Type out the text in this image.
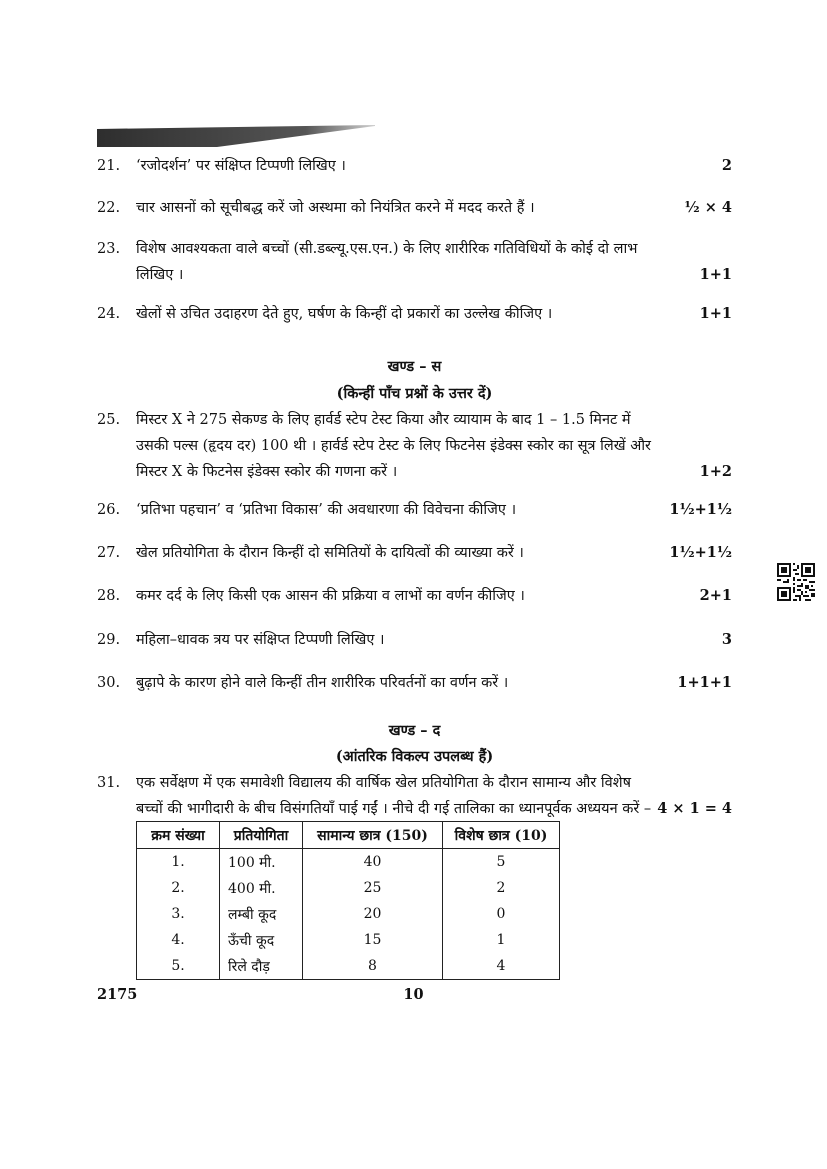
21.	‘रजोदर्शन’ पर संक्षिप्त टिप्पणी लिखिए ।	2
22.	चार आसनों को सूचीबद्ध करें जो अस्थमा को नियंत्रित करने में मदद करते हैं ।	½ × 4
23.	विशेष आवश्यकता वाले बच्चों (सी.डब्ल्यू.एस.एन.) के लिए शारीरिक गतिविधियों के कोई दो लाभ लिखिए ।	1+1
24.	खेलों से उचित उदाहरण देते हुए, घर्षण के किन्हीं दो प्रकारों का उल्लेख कीजिए ।	1+1
खण्ड – स
(किन्हीं पाँच प्रश्नों के उत्तर दें)
25.	मिस्टर X ने 275 सेकण्ड के लिए हार्वर्ड स्टेप टेस्ट किया और व्यायाम के बाद 1 – 1.5 मिनट में उसकी पल्स (हृदय दर) 100 थी । हार्वर्ड स्टेप टेस्ट के लिए फिटनेस इंडेक्स स्कोर का सूत्र लिखें और मिस्टर X के फिटनेस इंडेक्स स्कोर की गणना करें ।	1+2
26.	‘प्रतिभा पहचान’ व ‘प्रतिभा विकास’ की अवधारणा की विवेचना कीजिए ।	1½+1½
27.	खेल प्रतियोगिता के दौरान किन्हीं दो समितियों के दायित्वों की व्याख्या करें ।	1½+1½
28.	कमर दर्द के लिए किसी एक आसन की प्रक्रिया व लाभों का वर्णन कीजिए ।	2+1
29.	महिला–धावक त्रय पर संक्षिप्त टिप्पणी लिखिए ।	3
30.	बुढ़ापे के कारण होने वाले किन्हीं तीन शारीरिक परिवर्तनों का वर्णन करें ।	1+1+1
खण्ड – द
(आंतरिक विकल्प उपलब्ध हैं)
31.	एक सर्वेक्षण में एक समावेशी विद्यालय की वार्षिक खेल प्रतियोगिता के दौरान सामान्य और विशेष बच्चों की भागीदारी के बीच विसंगतियाँ पाई गईं । नीचे दी गई तालिका का ध्यानपूर्वक अध्ययन करें – 4 × 1 = 4
क्रम संख्या	प्रतियोगिता	सामान्य छात्र (150)	विशेष छात्र (10)
1.	100 मी.	40	5
2.	400 मी.	25	2
3.	लम्बी कूद	20	0
4.	ऊँची कूद	15	1
5.	रिले दौड़	8	4
2175	10
